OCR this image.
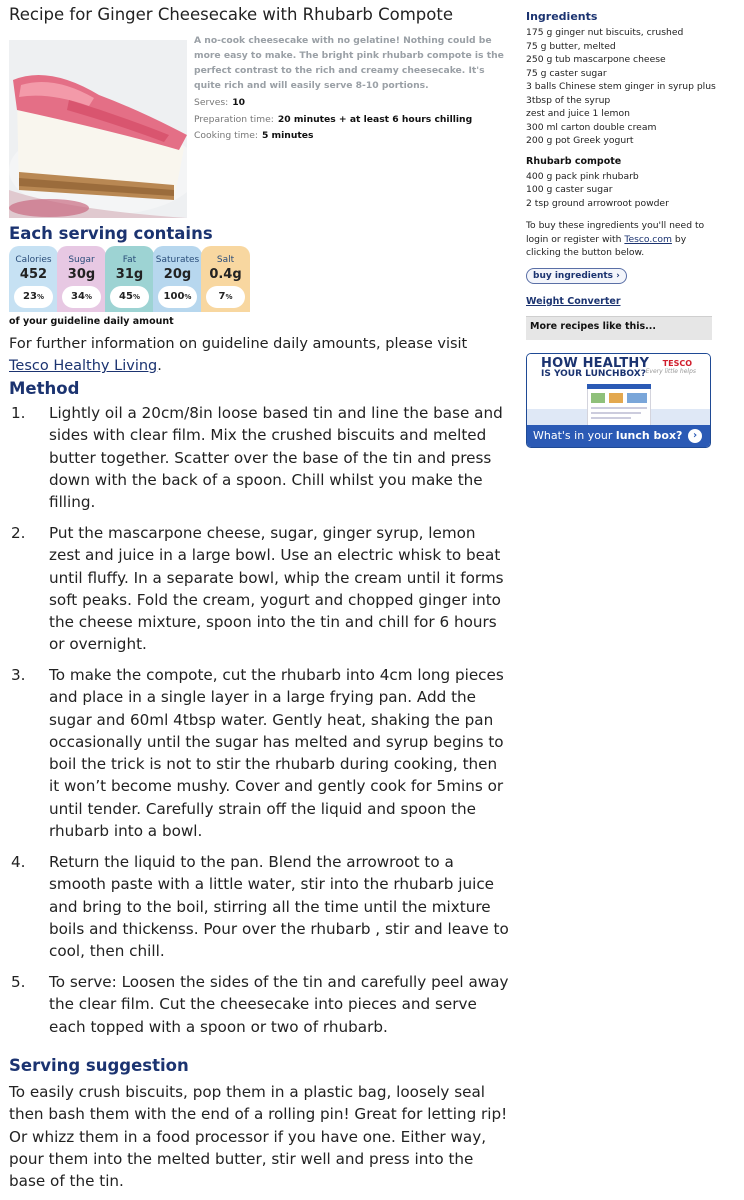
Recipe for Ginger Cheesecake with Rhubarb Compote
A no-cook cheesecake with no gelatine! Nothing could be more easy to make. The bright pink rhubarb compote is the perfect contrast to the rich and creamy cheesecake. It's quite rich and will easily serve 8-10 portions.
Serves: 10
Preparation time: 20 minutes + at least 6 hours chilling
Cooking time: 5 minutes
Each serving contains
Calories
452
23%
Sugar
30g
34%
Fat
31g
45%
Saturates
20g
100%
Salt
0.4g
7%
of your guideline daily amount
For further information on guideline daily amounts, please visit Tesco Healthy Living.
Method
1. Lightly oil a 20cm/8in loose based tin and line the base and sides with clear film. Mix the crushed biscuits and melted butter together. Scatter over the base of the tin and press down with the back of a spoon. Chill whilst you make the filling.
2. Put the mascarpone cheese, sugar, ginger syrup, lemon zest and juice in a large bowl. Use an electric whisk to beat until fluffy. In a separate bowl, whip the cream until it forms soft peaks. Fold the cream, yogurt and chopped ginger into the cheese mixture, spoon into the tin and chill for 6 hours or overnight.
3. To make the compote, cut the rhubarb into 4cm long pieces and place in a single layer in a large frying pan. Add the sugar and 60ml 4tbsp water. Gently heat, shaking the pan occasionally until the sugar has melted and syrup begins to boil the trick is not to stir the rhubarb during cooking, then it won’t become mushy. Cover and gently cook for 5mins or until tender. Carefully strain off the liquid and spoon the rhubarb into a bowl.
4. Return the liquid to the pan. Blend the arrowroot to a smooth paste with a little water, stir into the rhubarb juice and bring to the boil, stirring all the time until the mixture boils and thickenss. Pour over the rhubarb , stir and leave to cool, then chill.
5. To serve: Loosen the sides of the tin and carefully peel away the clear film. Cut the cheesecake into pieces and serve each topped with a spoon or two of rhubarb.
Serving suggestion
To easily crush biscuits, pop them in a plastic bag, loosely seal then bash them with the end of a rolling pin! Great for letting rip! Or whizz them in a food processor if you have one. Either way, pour them into the melted butter, stir well and press into the base of the tin.
Ingredients
175 g ginger nut biscuits, crushed
75 g butter, melted
250 g tub mascarpone cheese
75 g caster sugar
3 balls Chinese stem ginger in syrup plus
3tbsp of the syrup
zest and juice 1 lemon
300 ml carton double cream
200 g pot Greek yogurt
Rhubarb compote
400 g pack pink rhubarb
100 g caster sugar
2 tsp ground arrowroot powder
To buy these ingredients you'll need to login or register with Tesco.com by clicking the button below.
buy ingredients ›
Weight Converter
More recipes like this...
HOW HEALTHY
IS YOUR LUNCHBOX?
TESCO
Every little helps
What's in your lunch box?	›
